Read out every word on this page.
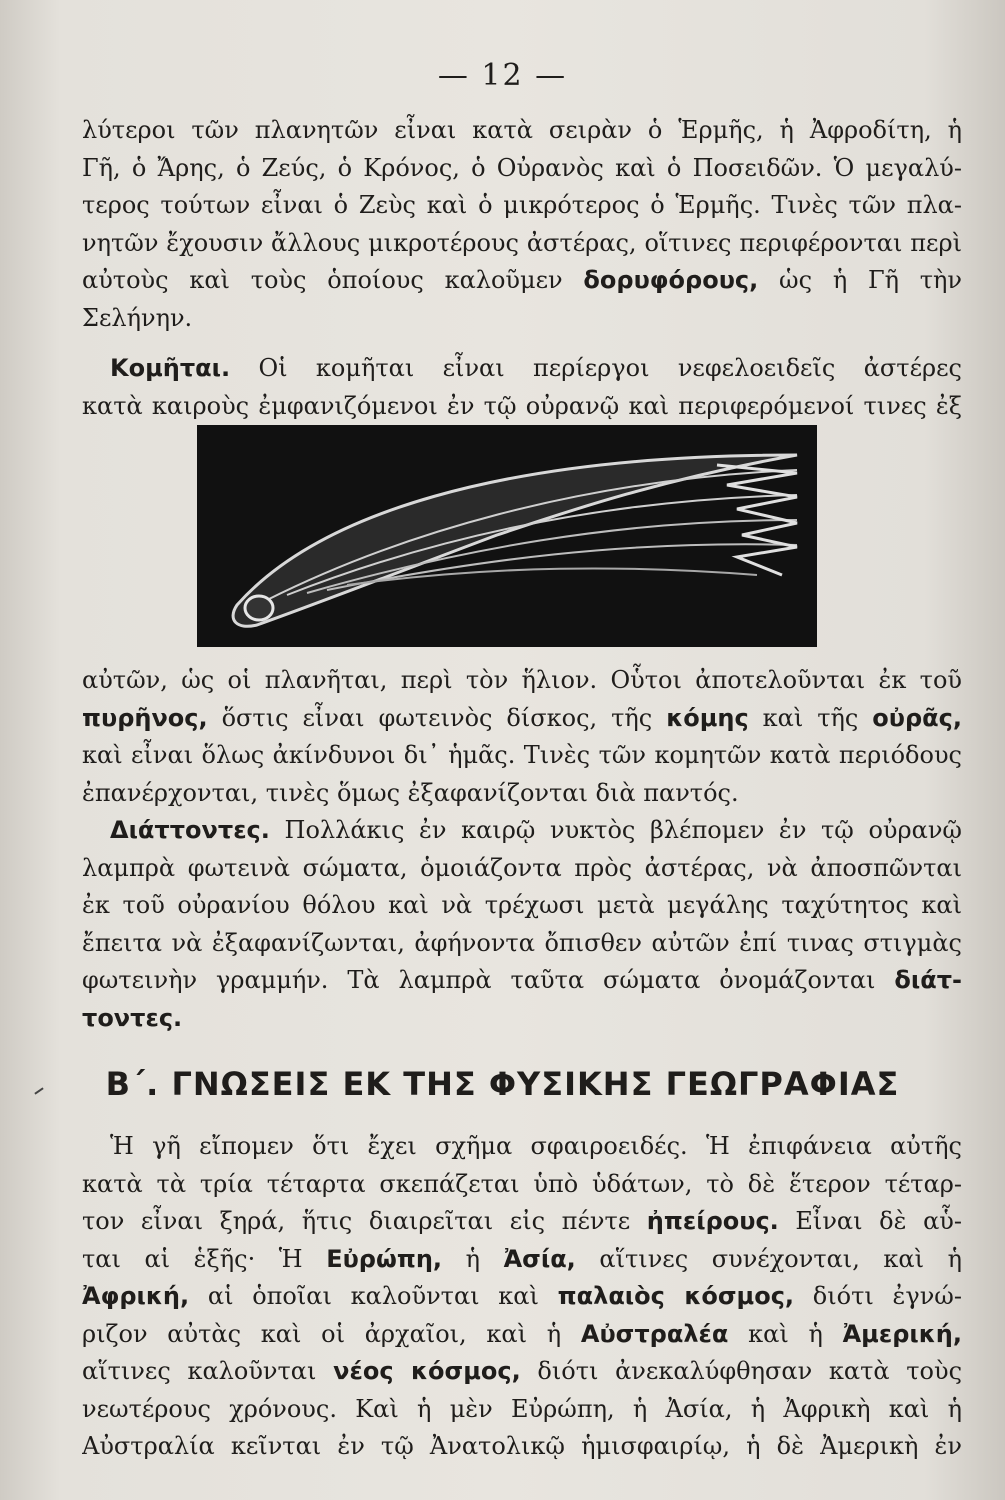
— 12 —
λύτεροι τῶν πλανητῶν εἶναι κατὰ σειρὰν ὁ Ἑρμῆς, ἡ Ἀφροδίτη, ἡ
Γῆ, ὁ Ἄρης, ὁ Ζεύς, ὁ Κρόνος, ὁ Οὐρανὸς καὶ ὁ Ποσειδῶν. Ὁ μεγαλύ-
τερος τούτων εἶναι ὁ Ζεὺς καὶ ὁ μικρότερος ὁ Ἑρμῆς. Τινὲς τῶν πλα-
νητῶν ἔχουσιν ἄλλους μικροτέρους ἀστέρας, οἵτινες περιφέρονται περὶ
αὐτοὺς καὶ τοὺς ὁποίους καλοῦμεν δορυφόρους, ὡς ἡ Γῆ τὴν
Σελήνην.
Κομῆται. Οἱ κομῆται εἶναι περίεργοι νεφελοειδεῖς ἀστέρες
κατὰ καιροὺς ἐμφανιζόμενοι ἐν τῷ οὐρανῷ καὶ περιφερόμενοί τινες ἐξ
αὐτῶν, ὡς οἱ πλανῆται, περὶ τὸν ἥλιον. Οὗτοι ἀποτελοῦνται ἐκ τοῦ
πυρῆνος, ὅστις εἶναι φωτεινὸς δίσκος, τῆς κόμης καὶ τῆς οὐρᾶς,
καὶ εἶναι ὅλως ἀκίνδυνοι δι᾽ ἡμᾶς. Τινὲς τῶν κομητῶν κατὰ περιόδους
ἐπανέρχονται, τινὲς ὅμως ἐξαφανίζονται διὰ παντός.
Διάττοντες. Πολλάκις ἐν καιρῷ νυκτὸς βλέπομεν ἐν τῷ οὐρανῷ
λαμπρὰ φωτεινὰ σώματα, ὁμοιάζοντα πρὸς ἀστέρας, νὰ ἀποσπῶνται
ἐκ τοῦ οὐρανίου θόλου καὶ νὰ τρέχωσι μετὰ μεγάλης ταχύτητος καὶ
ἔπειτα νὰ ἐξαφανίζωνται, ἀφήνοντα ὄπισθεν αὐτῶν ἐπί τινας στιγμὰς
φωτεινὴν γραμμήν. Τὰ λαμπρὰ ταῦτα σώματα ὀνομάζονται διάτ-
τοντες.
Β΄. ΓΝΩΣΕΙΣ ΕΚ ΤΗΣ ΦΥΣΙΚΗΣ ΓΕΩΓΡΑΦΙΑΣ
Ἡ γῆ εἴπομεν ὅτι ἔχει σχῆμα σφαιροειδές. Ἡ ἐπιφάνεια αὐτῆς
κατὰ τὰ τρία τέταρτα σκεπάζεται ὑπὸ ὑδάτων, τὸ δὲ ἕτερον τέταρ-
τον εἶναι ξηρά, ἥτις διαιρεῖται εἰς πέντε ἠπείρους. Εἶναι δὲ αὗ-
ται αἱ ἑξῆς· Ἡ Εὐρώπη, ἡ Ἀσία, αἵτινες συνέχονται, καὶ ἡ
Ἀφρική, αἱ ὁποῖαι καλοῦνται καὶ παλαιὸς κόσμος, διότι ἐγνώ-
ριζον αὐτὰς καὶ οἱ ἀρχαῖοι, καὶ ἡ Αὐστραλέα καὶ ἡ Ἀμερική,
αἵτινες καλοῦνται νέος κόσμος, διότι ἀνεκαλύφθησαν κατὰ τοὺς
νεωτέρους χρόνους. Καὶ ἡ μὲν Εὐρώπη, ἡ Ἀσία, ἡ Ἀφρικὴ καὶ ἡ
Αὐστραλία κεῖνται ἐν τῷ Ἀνατολικῷ ἡμισφαιρίῳ, ἡ δὲ Ἀμερικὴ ἐν
